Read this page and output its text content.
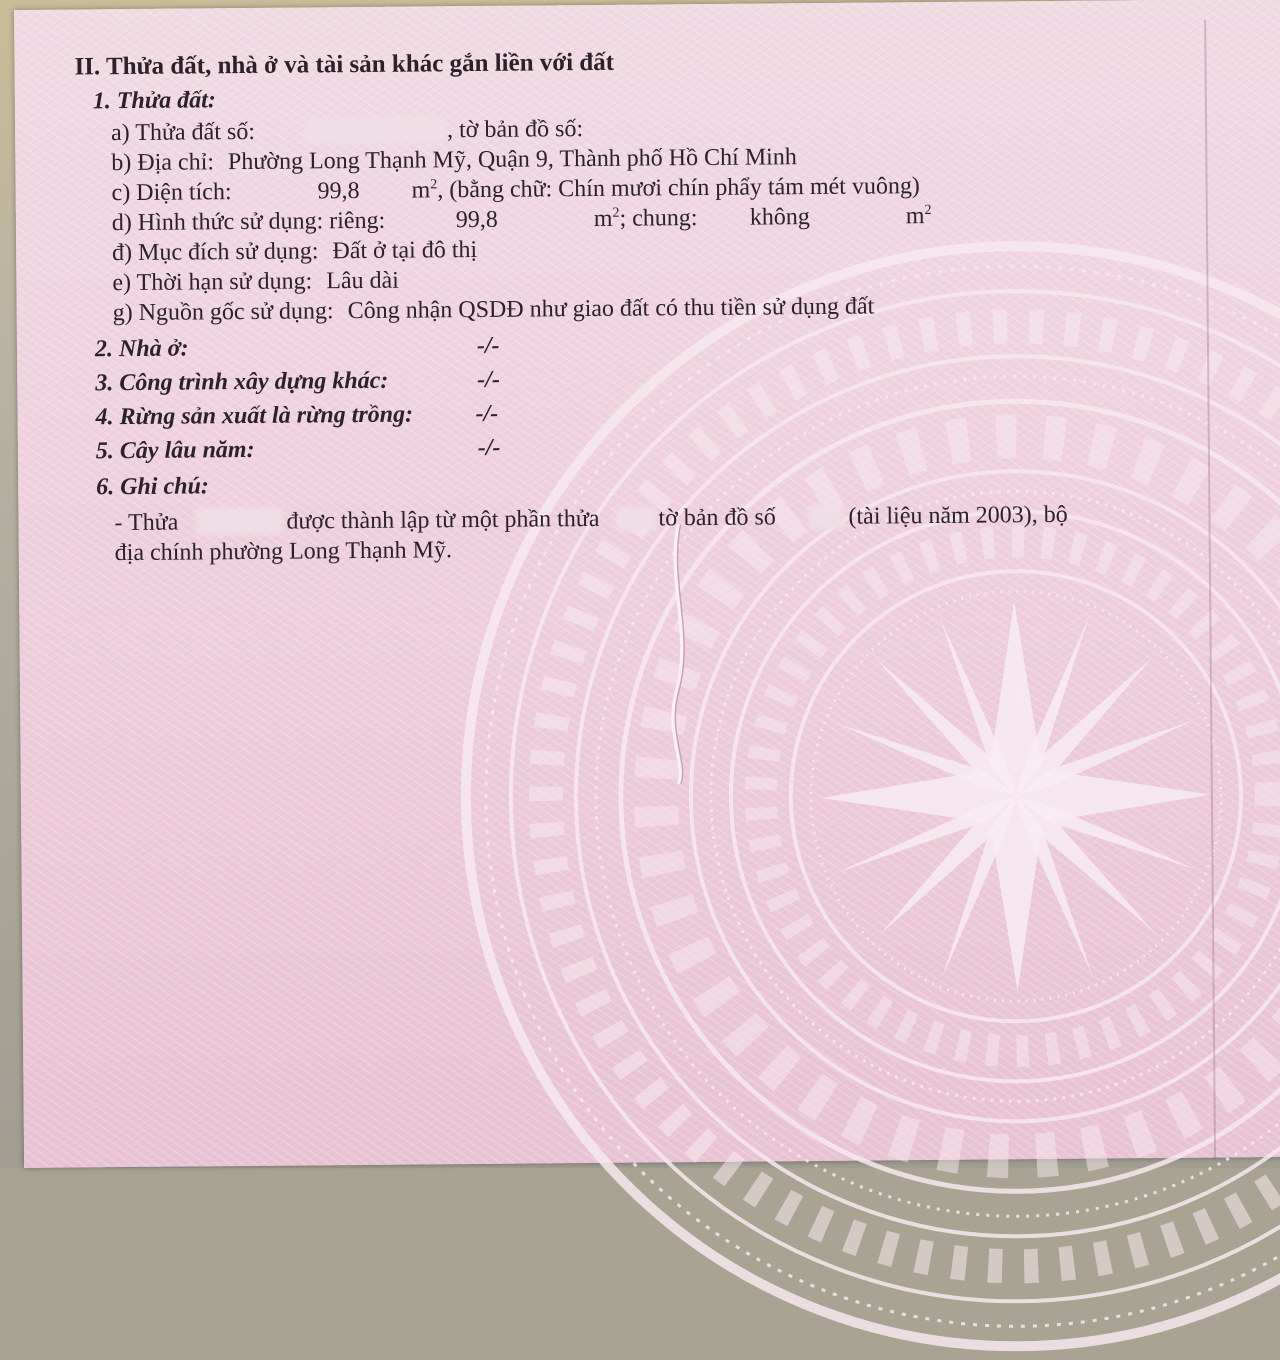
II. Thửa đất, nhà ở và tài sản khác gắn liền với đất
1. Thửa đất:
a) Thửa đất số:	, tờ bản đồ số:
b) Địa chỉ: Phường Long Thạnh Mỹ, Quận 9, Thành phố Hồ Chí Minh
c) Diện tích:	99,8 $m^2$, (bằng chữ: Chín mươi chín phẩy tám mét vuông)
d) Hình thức sử dụng: riêng:	99,8	$m^2$; chung: không	$m^2$
đ) Mục đích sử dụng: Đất ở tại đô thị
e) Thời hạn sử dụng: Lâu dài
g) Nguồn gốc sử dụng: Công nhận QSDĐ như giao đất có thu tiền sử dụng đất
2. Nhà ở:	-/-
3. Công trình xây dựng khác:	-/-
4. Rừng sản xuất là rừng trồng:	-/-
5. Cây lâu năm:	-/-
6. Ghi chú:
- Thửa	được thành lập từ một phần thửa tờ bản đồ số	(tài liệu năm 2003), bộ
địa chính phường Long Thạnh Mỹ.
